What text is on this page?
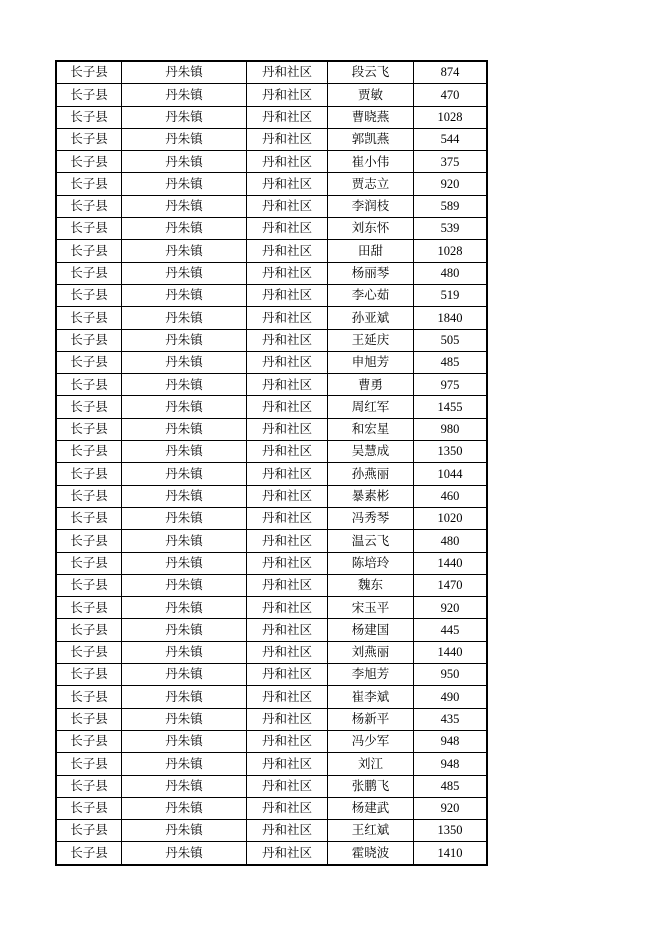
长子县	丹朱镇	丹和社区	段云飞	874
长子县	丹朱镇	丹和社区	贾敏	470
长子县	丹朱镇	丹和社区	曹晓燕	1028
长子县	丹朱镇	丹和社区	郭凯燕	544
长子县	丹朱镇	丹和社区	崔小伟	375
长子县	丹朱镇	丹和社区	贾志立	920
长子县	丹朱镇	丹和社区	李润枝	589
长子县	丹朱镇	丹和社区	刘东怀	539
长子县	丹朱镇	丹和社区	田甜	1028
长子县	丹朱镇	丹和社区	杨丽琴	480
长子县	丹朱镇	丹和社区	李心茹	519
长子县	丹朱镇	丹和社区	孙亚斌	1840
长子县	丹朱镇	丹和社区	王延庆	505
长子县	丹朱镇	丹和社区	申旭芳	485
长子县	丹朱镇	丹和社区	曹勇	975
长子县	丹朱镇	丹和社区	周红军	1455
长子县	丹朱镇	丹和社区	和宏星	980
长子县	丹朱镇	丹和社区	吴慧成	1350
长子县	丹朱镇	丹和社区	孙燕丽	1044
长子县	丹朱镇	丹和社区	暴素彬	460
长子县	丹朱镇	丹和社区	冯秀琴	1020
长子县	丹朱镇	丹和社区	温云飞	480
长子县	丹朱镇	丹和社区	陈培玲	1440
长子县	丹朱镇	丹和社区	魏东	1470
长子县	丹朱镇	丹和社区	宋玉平	920
长子县	丹朱镇	丹和社区	杨建国	445
长子县	丹朱镇	丹和社区	刘燕丽	1440
长子县	丹朱镇	丹和社区	李旭芳	950
长子县	丹朱镇	丹和社区	崔李斌	490
长子县	丹朱镇	丹和社区	杨新平	435
长子县	丹朱镇	丹和社区	冯少军	948
长子县	丹朱镇	丹和社区	刘江	948
长子县	丹朱镇	丹和社区	张鹏飞	485
长子县	丹朱镇	丹和社区	杨建武	920
长子县	丹朱镇	丹和社区	王红斌	1350
长子县	丹朱镇	丹和社区	霍晓波	1410
